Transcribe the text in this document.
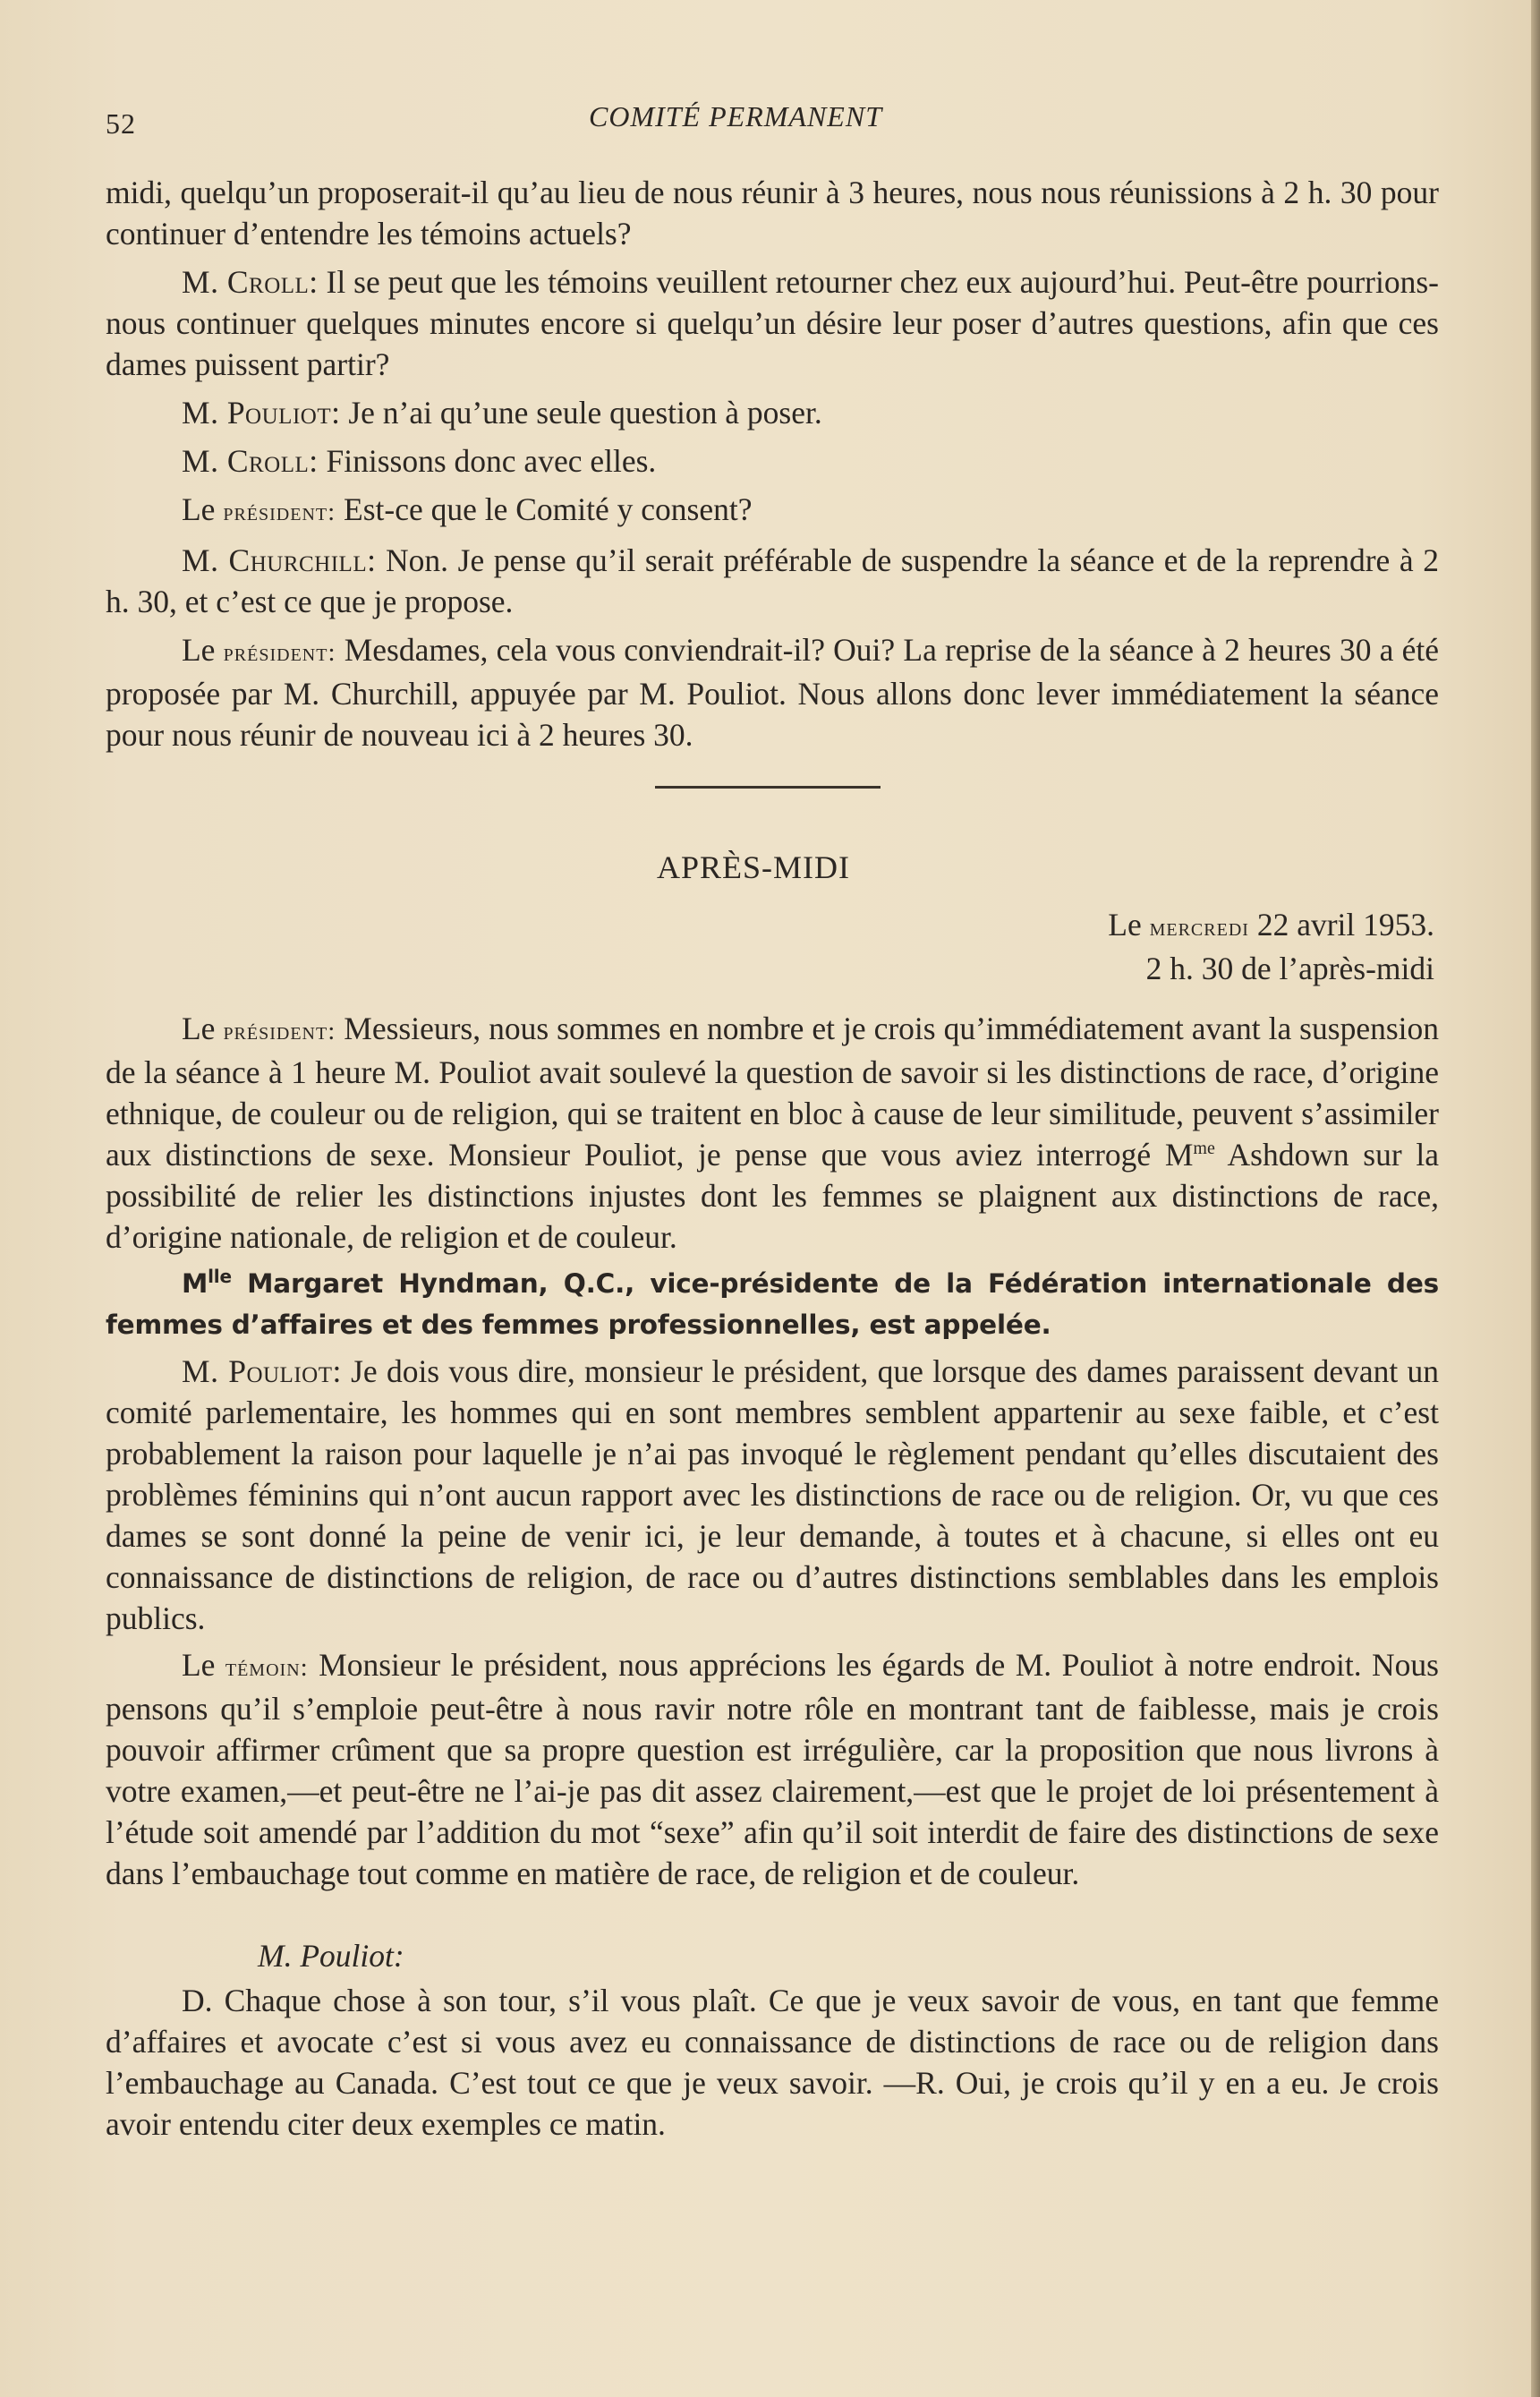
52	COMITÉ PERMANENT

midi, quelqu’un proposerait-il qu’au lieu de nous réunir à 3 heures, nous nous réunissions à 2 h. 30 pour continuer d’entendre les témoins actuels?

M. Croll: Il se peut que les témoins veuillent retourner chez eux aujourd’hui. Peut-être pourrions-nous continuer quelques minutes encore si quelqu’un désire leur poser d’autres questions, afin que ces dames puissent partir?

M. Pouliot: Je n’ai qu’une seule question à poser.

M. Croll: Finissons donc avec elles.

Le président: Est-ce que le Comité y consent?

M. Churchill: Non. Je pense qu’il serait préférable de suspendre la séance et de la reprendre à 2 h. 30, et c’est ce que je propose.

Le président: Mesdames, cela vous conviendrait-il? Oui? La reprise de la séance à 2 heures 30 a été proposée par M. Churchill, appuyée par M. Pouliot. Nous allons donc lever immédiatement la séance pour nous réunir de nouveau ici à 2 heures 30.

APRÈS-MIDI
Le mercredi 22 avril 1953.
2 h. 30 de l’après-midi

Le président: Messieurs, nous sommes en nombre et je crois qu’immédiatement avant la suspension de la séance à 1 heure M. Pouliot avait soulevé la question de savoir si les distinctions de race, d’origine ethnique, de couleur ou de religion, qui se traitent en bloc à cause de leur similitude, peuvent s’assimiler aux distinctions de sexe. Monsieur Pouliot, je pense que vous aviez interrogé $M^{me}$ Ashdown sur la possibilité de relier les distinctions injustes dont les femmes se plaignent aux distinctions de race, d’origine nationale, de religion et de couleur.

$M^{lle}$ Margaret Hyndman, Q.C., vice-présidente de la Fédération internationale des femmes d’affaires et des femmes professionnelles, est appelée.

M. Pouliot: Je dois vous dire, monsieur le président, que lorsque des dames paraissent devant un comité parlementaire, les hommes qui en sont membres semblent appartenir au sexe faible, et c’est probablement la raison pour laquelle je n’ai pas invoqué le règlement pendant qu’elles discutaient des problèmes féminins qui n’ont aucun rapport avec les distinctions de race ou de religion. Or, vu que ces dames se sont donné la peine de venir ici, je leur demande, à toutes et à chacune, si elles ont eu connaissance de distinctions de religion, de race ou d’autres distinctions semblables dans les emplois publics.

Le témoin: Monsieur le président, nous apprécions les égards de M. Pouliot à notre endroit. Nous pensons qu’il s’emploie peut-être à nous ravir notre rôle en montrant tant de faiblesse, mais je crois pouvoir affirmer crûment que sa propre question est irrégulière, car la proposition que nous livrons à votre examen,—et peut-être ne l’ai-je pas dit assez clairement,—est que le projet de loi présentement à l’étude soit amendé par l’addition du mot “sexe” afin qu’il soit interdit de faire des distinctions de sexe dans l’embauchage tout comme en matière de race, de religion et de couleur.

M. Pouliot:

D. Chaque chose à son tour, s’il vous plaît. Ce que je veux savoir de vous, en tant que femme d’affaires et avocate c’est si vous avez eu connaissance de distinctions de race ou de religion dans l’embauchage au Canada. C’est tout ce que je veux savoir. —R. Oui, je crois qu’il y en a eu. Je crois avoir entendu citer deux exemples ce matin.
